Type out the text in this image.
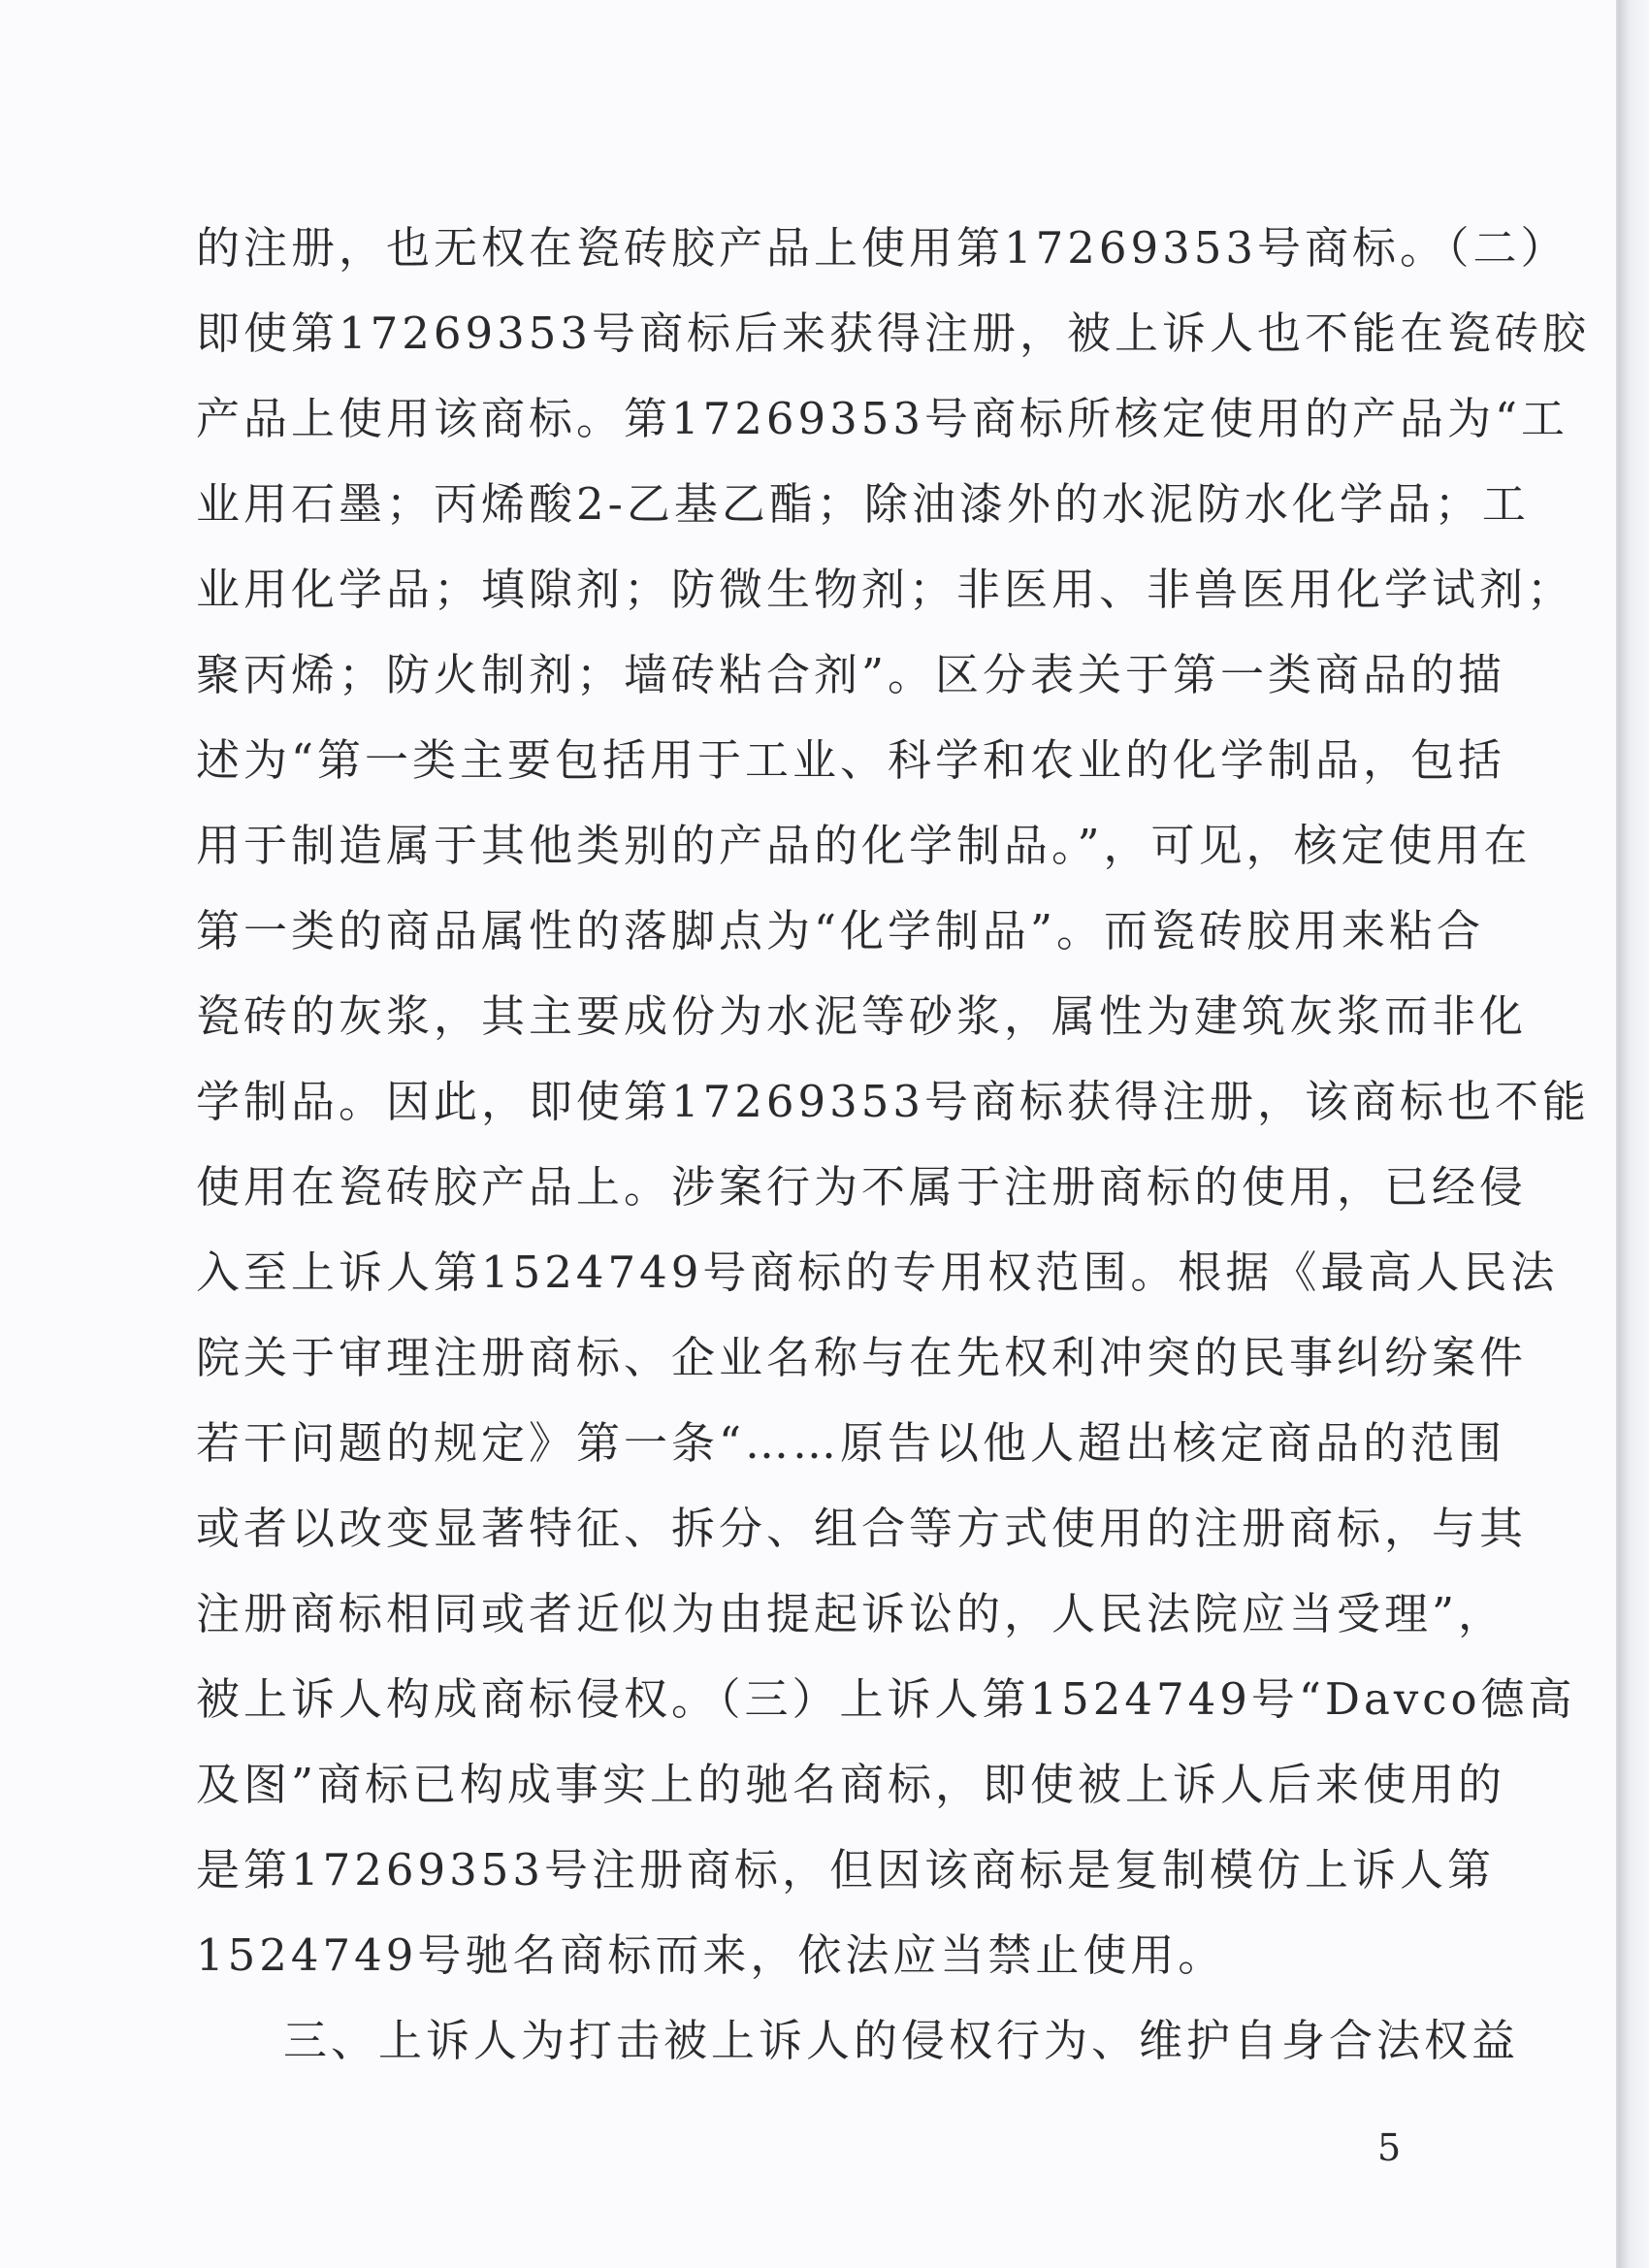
的注册，也无权在瓷砖胶产品上使用第17269353号商标。（二）
即使第17269353号商标后来获得注册，被上诉人也不能在瓷砖胶
产品上使用该商标。第17269353号商标所核定使用的产品为“工
业用石墨；丙烯酸2-乙基乙酯；除油漆外的水泥防水化学品；工
业用化学品；填隙剂；防微生物剂；非医用、非兽医用化学试剂；
聚丙烯；防火制剂；墙砖粘合剂”。区分表关于第一类商品的描
述为“第一类主要包括用于工业、科学和农业的化学制品，包括
用于制造属于其他类别的产品的化学制品。”，可见，核定使用在
第一类的商品属性的落脚点为“化学制品”。而瓷砖胶用来粘合
瓷砖的灰浆，其主要成份为水泥等砂浆，属性为建筑灰浆而非化
学制品。因此，即使第17269353号商标获得注册，该商标也不能
使用在瓷砖胶产品上。涉案行为不属于注册商标的使用，已经侵
入至上诉人第1524749号商标的专用权范围。根据《最高人民法
院关于审理注册商标、企业名称与在先权利冲突的民事纠纷案件
若干问题的规定》第一条“……原告以他人超出核定商品的范围
或者以改变显著特征、拆分、组合等方式使用的注册商标，与其
注册商标相同或者近似为由提起诉讼的，人民法院应当受理”，
被上诉人构成商标侵权。（三）上诉人第1524749号“Davco德高
及图”商标已构成事实上的驰名商标，即使被上诉人后来使用的
是第17269353号注册商标，但因该商标是复制模仿上诉人第
1524749号驰名商标而来，依法应当禁止使用。
三、上诉人为打击被上诉人的侵权行为、维护自身合法权益
5
